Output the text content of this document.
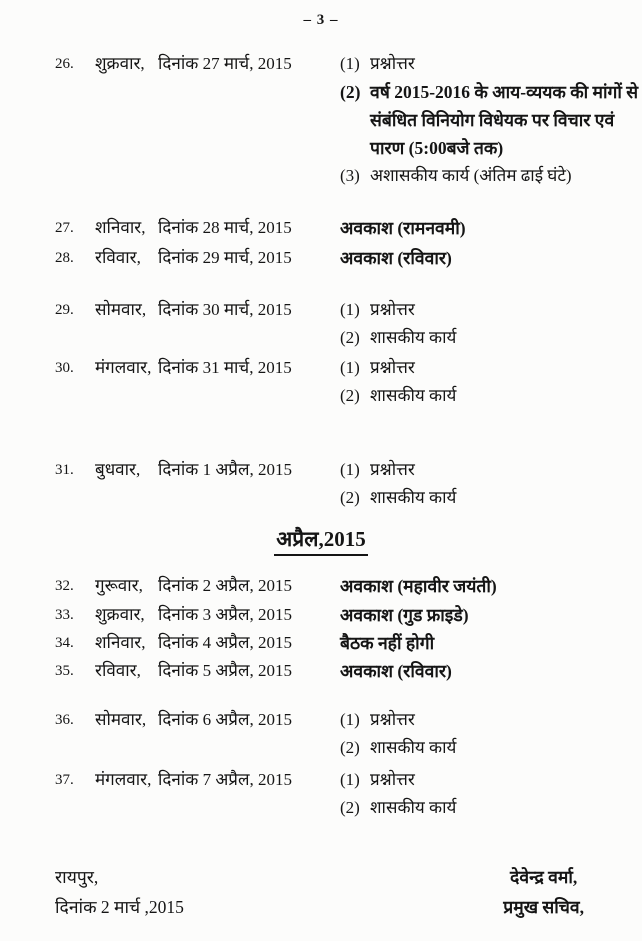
– 3 –
26.	शुक्रवार, दिनांक 27 मार्च, 2015	(1) प्रश्नोत्तर
(2) वर्ष 2015-2016 के आय-व्ययक की मांगों से संबंधित विनियोग विधेयक पर विचार एवं पारण (5:00बजे तक)
(3) अशासकीय कार्य (अंतिम ढाई घंटे)
27.	शनिवार, दिनांक 28 मार्च, 2015	अवकाश (रामनवमी)
28.	रविवार,	दिनांक 29 मार्च, 2015	अवकाश (रविवार)
29.	सोमवार, दिनांक 30 मार्च, 2015	(1) प्रश्नोत्तर
(2) शासकीय कार्य
30.	मंगलवार, दिनांक 31 मार्च, 2015	(1) प्रश्नोत्तर
(2) शासकीय कार्य
31.	बुधवार,	दिनांक 1 अप्रैल, 2015	(1) प्रश्नोत्तर
(2) शासकीय कार्य
अप्रैल,2015
32.	गुरूवार, दिनांक 2 अप्रैल, 2015	अवकाश (महावीर जयंती)
33.	शुक्रवार, दिनांक 3 अप्रैल, 2015	अवकाश (गुड फ्राइडे)
34.	शनिवार, दिनांक 4 अप्रैल, 2015	बैठक नहीं होगी
35.	रविवार,	दिनांक 5 अप्रैल, 2015	अवकाश (रविवार)
36.	सोमवार, दिनांक 6 अप्रैल, 2015	(1) प्रश्नोत्तर
(2) शासकीय कार्य
37.	मंगलवार, दिनांक 7 अप्रैल, 2015	(1) प्रश्नोत्तर
(2) शासकीय कार्य
रायपुर,
दिनांक 2 मार्च ,2015
देवेन्द्र वर्मा,
प्रमुख सचिव,
